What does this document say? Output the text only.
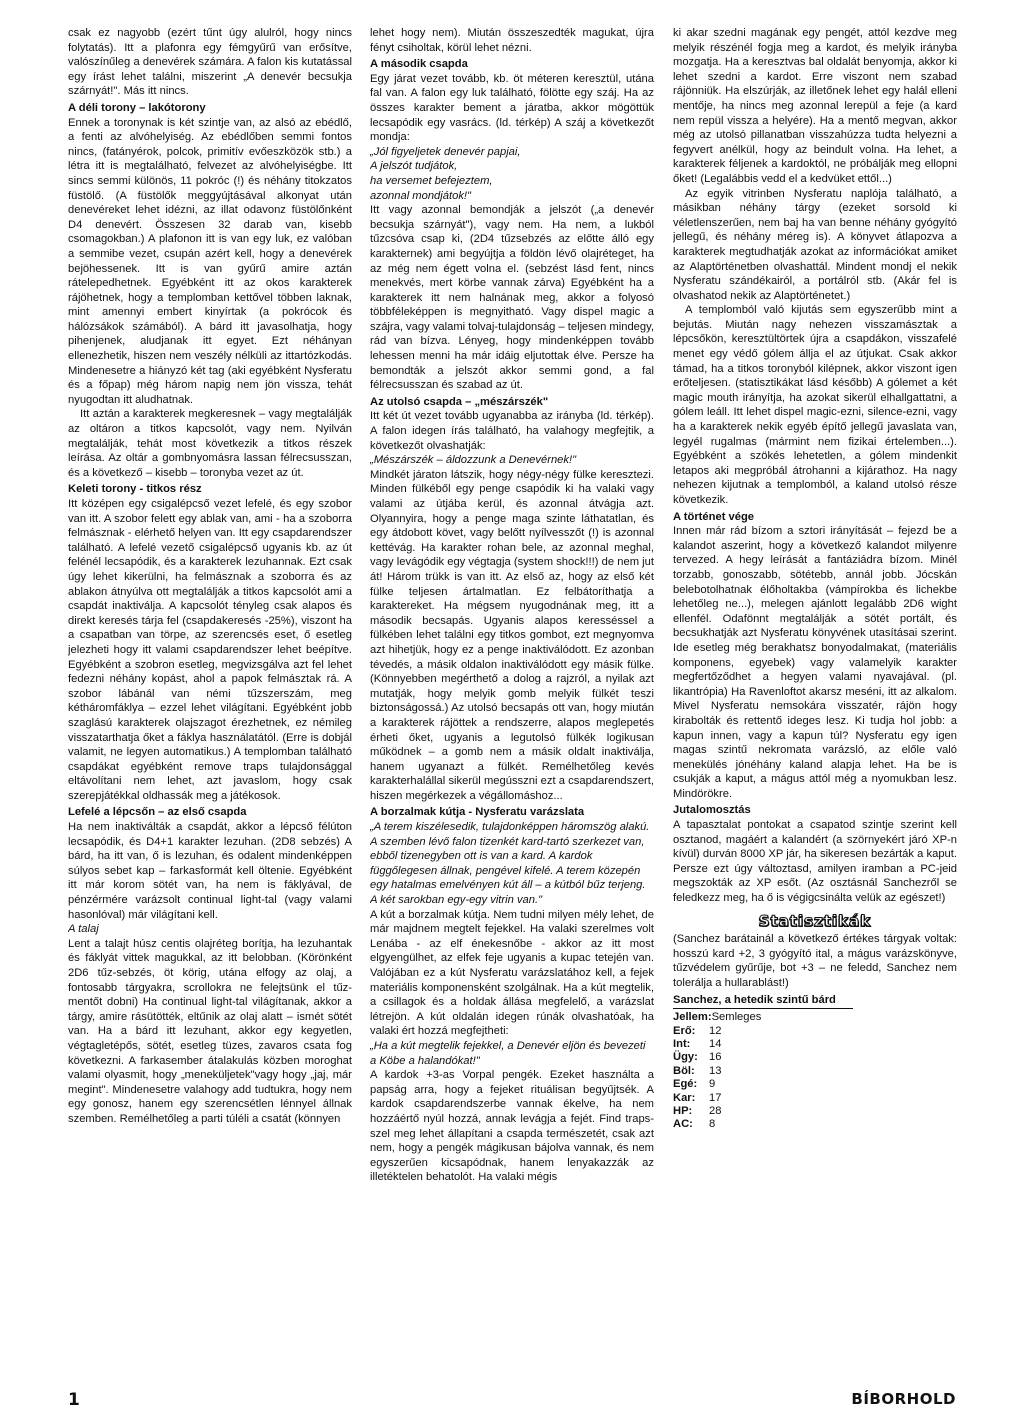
csak ez nagyobb (ezért tűnt úgy alulról, hogy nincs folytatás). Itt a plafonra egy fémgyűrű van erősítve, valószínűleg a denevérek számára. A falon kis kutatással egy írást lehet találni, miszerint „A denevér becsukja szárnyát!". Más itt nincs.

A déli torony – lakótorony

Ennek a toronynak is két szintje van, az alsó az ebédlő, a fenti az alvóhelyiség. Az ebédlőben semmi fontos nincs, (fatányérok, polcok, primitív evőeszközök stb.) a létra itt is megtalálható, felvezet az alvóhelyiségbe. Itt sincs semmi különös, 11 pokróc (!) és néhány titokzatos füstölő. (A füstölők meggyújtásával alkonyat után denevéreket lehet idézni, az illat odavonz füstölőnként D4 denevért. Összesen 32 darab van, kisebb csomagokban.) A plafonon itt is van egy luk, ez valóban a semmibe vezet, csupán azért kell, hogy a denevérek bejöhessenek. Itt is van gyűrű amire aztán rátelepedhetnek. Egyébként itt az okos karakterek rájöhetnek, hogy a templomban kettővel többen laknak, mint amennyi embert kinyírtak (a pokrócok és hálózsákok számából). A bárd itt javasolhatja, hogy pihenjenek, aludjanak itt egyet. Ezt néhányan ellenezhetik, hiszen nem veszély nélküli az ittartózkodás. Mindenesetre a hiányzó két tag (aki egyébként Nysferatu és a főpap) még három napig nem jön vissza, tehát nyugodtan itt aludhatnak.

Itt aztán a karakterek megkeresnek – vagy megtalálják az oltáron a titkos kapcsolót, vagy nem. Nyilván megtalálják, tehát most következik a titkos részek leírása. Az oltár a gombnyomásra lassan félrecsusszan, és a következő – kisebb – toronyba vezet az út.

Keleti torony - titkos rész

Itt középen egy csigalépcső vezet lefelé, és egy szobor van itt. A szobor felett egy ablak van, ami - ha a szoborra felmásznak - elérhető helyen van. Itt egy csapdarendszer található. A lefelé vezető csigalépcső ugyanis kb. az út felénél lecsapódik, és a karakterek lezuhannak. Ezt csak úgy lehet kikerülni, ha felmásznak a szoborra és az ablakon átnyúlva ott megtalálják a titkos kapcsolót ami a csapdát inaktiválja. A kapcsolót tényleg csak alapos és direkt keresés tárja fel (csapdakeresés -25%), viszont ha a csapatban van törpe, az szerencsés eset, ő esetleg jelezheti hogy itt valami csapdarendszer lehet beépítve. Egyébként a szobron esetleg, megvizsgálva azt fel lehet fedezni néhány kopást, ahol a papok felmásztak rá. A szobor lábánál van némi tűzszerszám, meg kétháromfáklya – ezzel lehet világítani. Egyébként jobb szaglású karakterek olajszagot érezhetnek, ez némileg visszatarthatja őket a fáklya használatától. (Erre is dobjál valamit, ne legyen automatikus.) A templomban található csapdákat egyébként remove traps tulajdonsággal eltávolítani nem lehet, azt javaslom, hogy csak szerepjátékkal oldhassák meg a játékosok.

Lefelé a lépcsőn – az első csapda

Ha nem inaktiválták a csapdát, akkor a lépcső félúton lecsapódik, és D4+1 karakter lezuhan. (2D8 sebzés) A bárd, ha itt van, ő is lezuhan, és odalent mindenképpen súlyos sebet kap – farkasformát kell öltenie. Egyébként itt már korom sötét van, ha nem is fáklyával, de pénzérmére varázsolt continual light-tal (vagy valami hasonlóval) már világítani kell.

A talaj

Lent a talajt húsz centis olajréteg borítja, ha lezuhantak és fáklyát vittek magukkal, az itt belobban. (Körönként 2D6 tűz-sebzés, öt körig, utána elfogy az olaj, a fontosabb tárgyakra, scrollokra ne felejtsünk el tűz-mentőt dobni) Ha continual light-tal világítanak, akkor a tárgy, amire rásütötték, eltűnik az olaj alatt – ismét sötét van. Ha a bárd itt lezuhant, akkor egy kegyetlen, végtagletépős, sötét, esetleg tüzes, zavaros csata fog következni. A farkasember átalakulás közben moroghat valami olyasmit, hogy „meneküljetek"vagy hogy „jaj, már megint". Mindenesetre valahogy add tudtukra, hogy nem egy gonosz, hanem egy szerencsétlen lénnyel állnak szemben. Remélhetőleg a parti túléli a csatát (könnyen

lehet hogy nem). Miután összeszedték magukat, újra fényt csiholtak, körül lehet nézni.

A második csapda

Egy járat vezet tovább, kb. öt méteren keresztül, utána fal van. A falon egy luk található, fölötte egy száj. Ha az összes karakter bement a járatba, akkor mögöttük lecsapódik egy vasrács. (ld. térkép) A száj a következőt mondja:

„Jól figyeljetek denevér papjai,

A jelszót tudjátok,

ha versemet befejeztem,

azonnal mondjátok!"

Itt vagy azonnal bemondják a jelszót („a denevér becsukja szárnyát"), vagy nem. Ha nem, a lukból tűzcsóva csap ki, (2D4 tűzsebzés az előtte álló egy karakternek) ami begyújtja a földön lévő olajréteget, ha az még nem égett volna el. (sebzést lásd fent, nincs menekvés, mert körbe vannak zárva) Egyébként ha a karakterek itt nem halnának meg, akkor a folyosó többféleképpen is megnyitható. Vagy dispel magic a szájra, vagy valami tolvaj-tulajdonság – teljesen mindegy, rád van bízva. Lényeg, hogy mindenképpen tovább lehessen menni ha már idáig eljutottak élve. Persze ha bemondták a jelszót akkor semmi gond, a fal félrecsusszan és szabad az út.

Az utolsó csapda – „mészárszék"

Itt két út vezet tovább ugyanabba az irányba (ld. térkép). A falon idegen írás található, ha valahogy megfejtik, a következőt olvashatják:

„Mészárszék – áldozzunk a Denevérnek!"

Mindkét járaton látszik, hogy négy-négy fülke keresztezi. Minden fülkéből egy penge csapódik ki ha valaki vagy valami az útjába kerül, és azonnal átvágja azt. Olyannyira, hogy a penge maga szinte láthatatlan, és egy átdobott követ, vagy belőtt nyílvesszőt (!) is azonnal kettévág. Ha karakter rohan bele, az azonnal meghal, vagy levágódik egy végtagja (system shock!!!) de nem jut át! Három trükk is van itt. Az első az, hogy az első két fülke teljesen ártalmatlan. Ez felbátoríthatja a karaktereket. Ha mégsem nyugodnának meg, itt a második becsapás. Ugyanis alapos keresséssel a fülkében lehet találni egy titkos gombot, ezt megnyomva azt hihetjük, hogy ez a penge inaktiválódott. Ez azonban tévedés, a másik oldalon inaktiválódott egy másik fülke. (Könnyebben megérthető a dolog a rajzról, a nyilak azt mutatják, hogy melyik gomb melyik fülkét teszi biztonságossá.) Az utolsó becsapás ott van, hogy miután a karakterek rájöttek a rendszerre, alapos meglepetés érheti őket, ugyanis a legutolsó fülkék logikusan működnek – a gomb nem a másik oldalt inaktiválja, hanem ugyanazt a fülkét. Remélhetőleg kevés karakterhalállal sikerül megússzni ezt a csapdarendszert, hiszen megérkezek a végállomáshoz...

A borzalmak kútja - Nysferatu varázslata

„A terem kiszélesedik, tulajdonképpen háromszög alakú. A szemben lévő falon tizenkét kard-tartó szerkezet van, ebből tizenegyben ott is van a kard. A kardok függőlegesen állnak, pengével kifelé. A terem közepén egy hatalmas emelvényen kút áll – a kútból bűz terjeng. A két sarokban egy-egy vitrin van."

A kút a borzalmak kútja. Nem tudni milyen mély lehet, de már majdnem megtelt fejekkel. Ha valaki szerelmes volt Lenába - az elf énekesnőbe - akkor az itt most elgyengülhet, az elfek feje ugyanis a kupac tetején van. Valójában ez a kút Nysferatu varázslatához kell, a fejek materiális komponensként szolgálnak. Ha a kút megtelik, a csillagok és a holdak állása megfelelő, a varázslat létrejön. A kút oldalán idegen rúnák olvashatóak, ha valaki ért hozzá megfejtheti:

„Ha a kút megtelik fejekkel, a Denevér eljön és bevezeti a Köbe a halandókat!"

A kardok +3-as Vorpal pengék. Ezeket használta a papság arra, hogy a fejeket rituálisan begyűjtsék. A kardok csapdarendszerbe vannak ékelve, ha nem hozzáértő nyúl hozzá, annak levágja a fejét. Find traps-szel meg lehet állapítani a csapda természetét, csak azt nem, hogy a pengék mágikusan bájolva vannak, és nem egyszerűen kicsapódnak, hanem lenyakazzák az illetéktelen behatolót. Ha valaki mégis

ki akar szedni magának egy pengét, attól kezdve meg melyik részénél fogja meg a kardot, és melyik irányba mozgatja. Ha a keresztvas bal oldalát benyomja, akkor ki lehet szedni a kardot. Erre viszont nem szabad rájönniük. Ha elszúrják, az illetőnek lehet egy halál elleni mentője, ha nincs meg azonnal lerepül a feje (a kard nem repül vissza a helyére). Ha a mentő megvan, akkor még az utolsó pillanatban visszahúzza tudta helyezni a fegyvert anélkül, hogy az beindult volna. Ha lehet, a karakterek féljenek a kardoktól, ne próbálják meg ellopni őket! (Legalábbis vedd el a kedvüket ettől...)

Az egyik vitrinben Nysferatu naplója található, a másikban néhány tárgy (ezeket sorsold ki véletlenszerűen, nem baj ha van benne néhány gyógyító jellegű, és néhány méreg is). A könyvet átlapozva a karakterek megtudhatják azokat az információkat amiket az Alaptörténetben olvashattál. Mindent mondj el nekik Nysferatu szándékairól, a portálról stb. (Akár fel is olvashatod nekik az Alaptörténetet.)

A templomból való kijutás sem egyszerűbb mint a bejutás. Miután nagy nehezen visszamásztak a lépcsőkön, keresztültörtek újra a csapdákon, visszafelé menet egy védő gólem állja el az útjukat. Csak akkor támad, ha a titkos toronyból kilépnek, akkor viszont igen erőteljesen. (statisztikákat lásd később) A gólemet a két magic mouth irányítja, ha azokat sikerül elhallgattatni, a gólem leáll. Itt lehet dispel magic-ezni, silence-ezni, vagy ha a karakterek nekik egyéb építő jellegű javaslata van, legyél rugalmas (mármint nem fizikai értelemben...). Egyébként a szökés lehetetlen, a gólem mindenkit letapos aki megpróbál átrohanni a kijárathoz. Ha nagy nehezen kijutnak a templomból, a kaland utolsó része következik.

A történet vége

Innen már rád bízom a sztori irányítását – fejezd be a kalandot aszerint, hogy a következő kalandot milyenre tervezed. A hegy leírását a fantáziádra bízom. Minél torzabb, gonoszabb, sötétebb, annál jobb. Jócskán belebotolhatnak élőholtakba (vámpírokba és lichekbe lehetőleg ne...), melegen ajánlott legalább 2D6 wight ellenfél. Odafönnt megtalálják a sötét portált, és becsukhatják azt Nysferatu könyvének utasításai szerint. Ide esetleg még berakhatsz bonyodalmakat, (materiális komponens, egyebek) vagy valamelyik karakter megfertőződhet a hegyen valami nyavajával. (pl. likantrópia) Ha Ravenloftot akarsz meséni, itt az alkalom. Mivel Nysferatu nemsokára visszatér, rájön hogy kirabolták és rettentő ideges lesz. Ki tudja hol jobb: a kapun innen, vagy a kapun túl? Nysferatu egy igen magas szintű nekromata varázsló, az előle való menekülés jónéhány kaland alapja lehet. Ha be is csukják a kaput, a mágus attól még a nyomukban lesz. Mindörökre.

Jutalomosztás

A tapasztalat pontokat a csapatod szintje szerint kell osztanod, magáért a kalandért (a szörnyekért járó XP-n kívül) durván 8000 XP jár, ha sikeresen bezárták a kaput. Persze ezt úgy változtasd, amilyen iramban a PC-jeid megszokták az XP esőt. (Az osztásnál Sanchezről se feledkezz meg, ha ő is végigcsinálta velük az egészet!)

Statisztikák

(Sanchez barátainál a következő értékes tárgyak voltak: hosszú kard +2, 3 gyógyító ital, a mágus varázskönyve, tűzvédelem gyűrűje, bot +3 – ne feledd, Sanchez nem tolerálja a hullarablást!)

Sanchez, a hetedik szintű bárd
Jellem: Semleges
Erő:	12
Int:	14
Ügy: 16
Böl:	13
Egé:	9
Kar:	17
HP:	28
AC:	8
1	BÍBORHOLD
